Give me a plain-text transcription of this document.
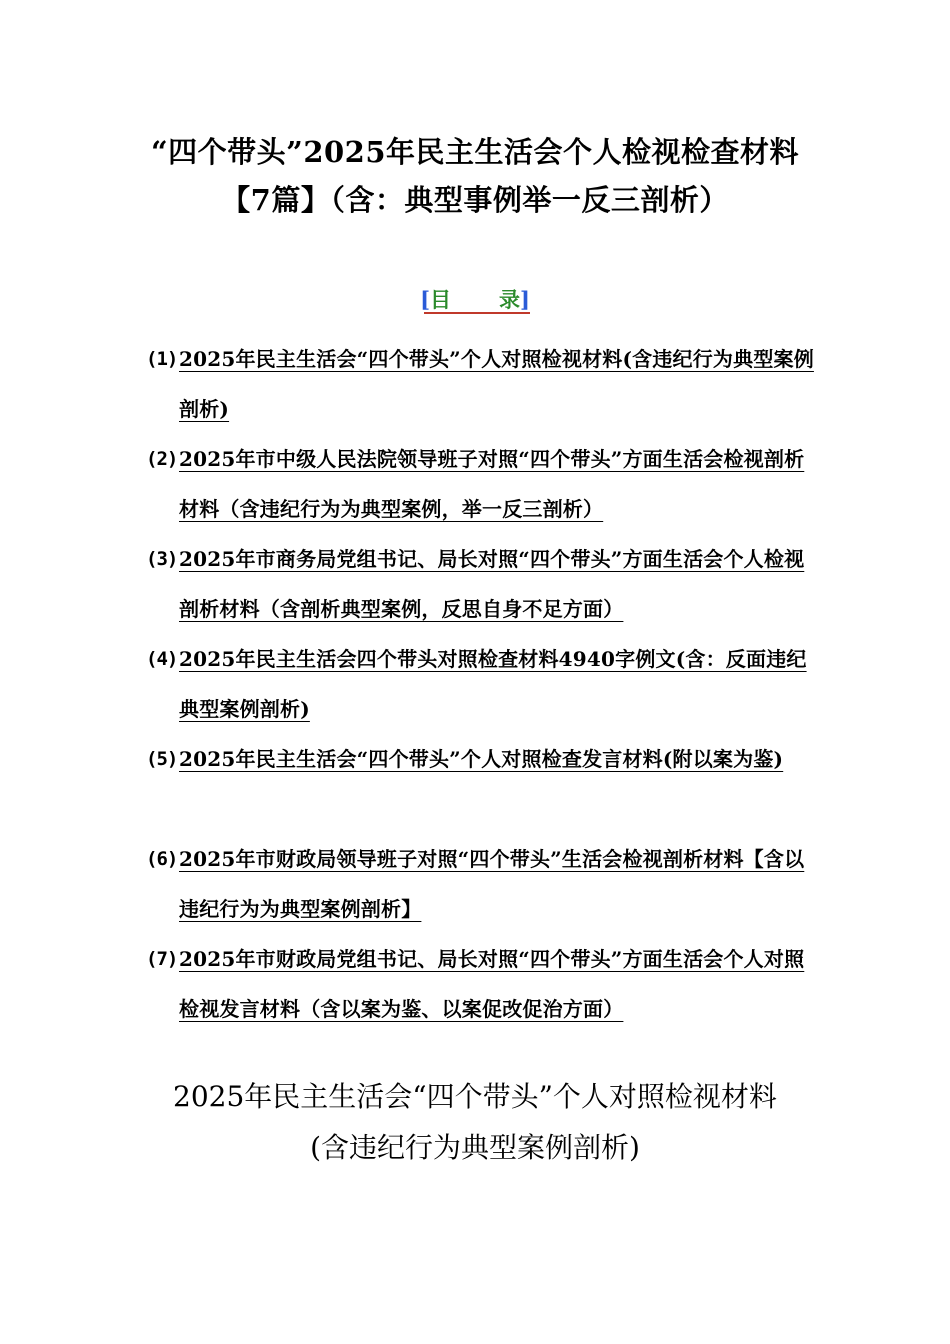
“四个带头”2025年民主生活会个人检视检查材料
【7篇】（含：典型事例举一反三剖析）
[目 录]
(1) 2025年民主生活会“四个带头”个人对照检视材料(含违纪行为典型案例剖析)
(2) 2025年市中级人民法院领导班子对照“四个带头”方面生活会检视剖析材料（含违纪行为为典型案例，举一反三剖析）
(3) 2025年市商务局党组书记、局长对照“四个带头”方面生活会个人检视剖析材料（含剖析典型案例，反思自身不足方面）
(4) 2025年民主生活会四个带头对照检查材料4940字例文(含：反面违纪典型案例剖析)
(5) 2025年民主生活会“四个带头”个人对照检查发言材料(附以案为鉴)
(6) 2025年市财政局领导班子对照“四个带头”生活会检视剖析材料【含以违纪行为为典型案例剖析】
(7) 2025年市财政局党组书记、局长对照“四个带头”方面生活会个人对照检视发言材料（含以案为鉴、以案促改促治方面）
2025年民主生活会“四个带头”个人对照检视材料
(含违纪行为典型案例剖析)
